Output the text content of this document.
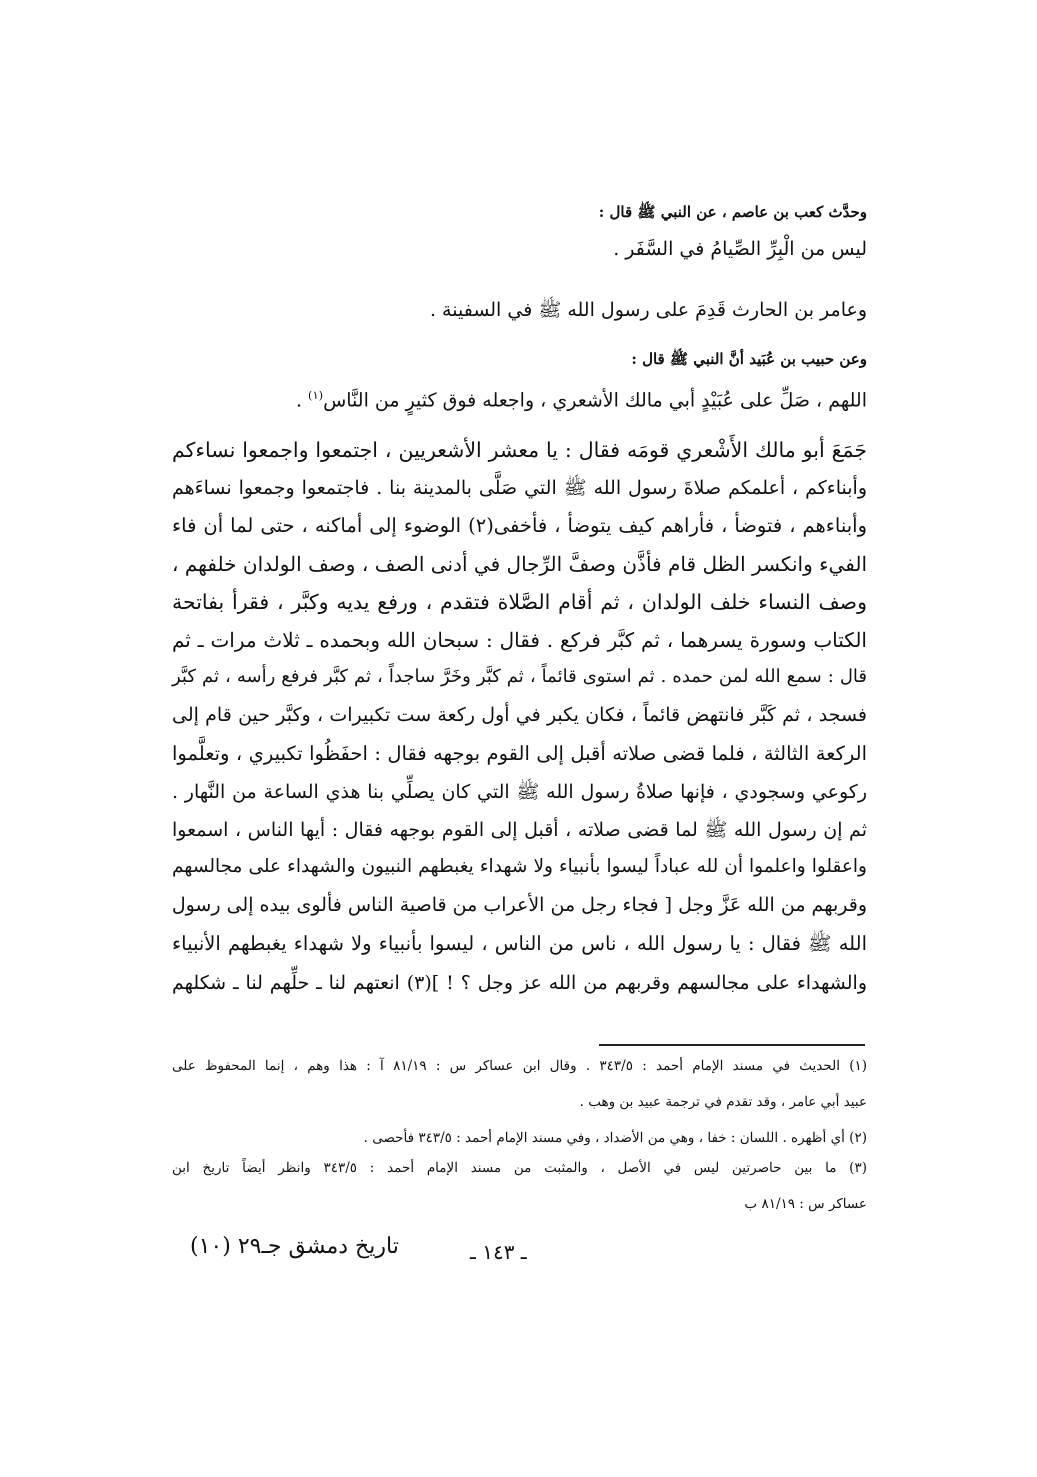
وحدَّث كعب بن عاصم ، عن النبي ﷺ قال :
ليس من الْبِرِّ الصِّيامُ في السَّفَر .
وعامر بن الحارث قَدِمَ على رسول الله ﷺ في السفينة .
وعن حبيب بن عُبَيد أنَّ النبي ﷺ قال :
اللهم ، صَلِّ على عُبَيْدٍ أبي مالك الأشعري ، واجعله فوق كثيرٍ من النَّاس$^{(١)}$ .
جَمَعَ أبو مالك الأَشْعري قومَه فقال : يا معشر الأشعريين ، اجتمعوا واجمعوا نساءكم
وأبناءكم ، أعلمكم صلاةَ رسول الله ﷺ التي صَلَّى بالمدينة بنا . فاجتمعوا وجمعوا نساءَهم
وأبناءهم ، فتوضأ ، فأراهم كيف يتوضأ ، فأخفى(٢) الوضوء إلى أماكنه ، حتى لما أن فاء
الفيء وانكسر الظل قام فأذَّن وصفَّ الرِّجال في أدنى الصف ، وصف الولدان خلفهم ،
وصف النساء خلف الولدان ، ثم أقام الصَّلاة فتقدم ، ورفع يديه وكبَّر ، فقرأ بفاتحة
الكتاب وسورة يسرهما ، ثم كبَّر فركع . فقال : سبحان الله وبحمده ـ ثلاث مرات ـ ثم
قال : سمع الله لمن حمده . ثم استوى قائماً ، ثم كبَّر وخَرَّ ساجداً ، ثم كبَّر فرفع رأسه ، ثم كبَّر
فسجد ، ثم كَبَّر فانتهض قائماً ، فكان يكبر في أول ركعة ست تكبيرات ، وكبَّر حين قام إلى
الركعة الثالثة ، فلما قضى صلاته أقبل إلى القوم بوجهه فقال : احفَظُوا تكبيري ، وتعلَّموا
ركوعي وسجودي ، فإنها صلاةُ رسول الله ﷺ التي كان يصلِّي بنا هذي الساعة من النَّهار .
ثم إن رسول الله ﷺ لما قضى صلاته ، أقبل إلى القوم بوجهه فقال : أيها الناس ، اسمعوا
واعقلوا واعلموا أن لله عباداً ليسوا بأنبياء ولا شهداء يغبطهم النبيون والشهداء على مجالسهم
وقربهم من الله عَزَّ وجل [ فجاء رجل من الأعراب من قاصية الناس فألوى بيده إلى رسول
الله ﷺ فقال : يا رسول الله ، ناس من الناس ، ليسوا بأنبياء ولا شهداء يغبطهم الأنبياء
والشهداء على مجالسهم وقربهم من الله عز وجل ؟ ! ](٣) انعتهم لنا ـ حلِّهم لنا ـ شكلهم
(١) الحديث في مسند الإمام أحمد : ٣٤٣/٥ . وقال ابن عساكر س : ٨١/١٩ آ : هذا وهم ، إنما المحفوظ على
عبيد أبي عامر ، وقد تقدم في ترجمة عبيد بن وهب .
(٢) أي أظهره . اللسان : خفا ، وهي من الأضداد ، وفي مسند الإمام أحمد : ٣٤٣/٥ فأحصى .
(٣) ما بين حاصرتين ليس في الأصل ، والمثبت من مسند الإمام أحمد : ٣٤٣/٥ وانظر أيضاً تاريخ ابن
عساكر س : ٨١/١٩ ب
تاريخ دمشق جـ٢٩ (١٠)	ـ ١٤٣ ـ
